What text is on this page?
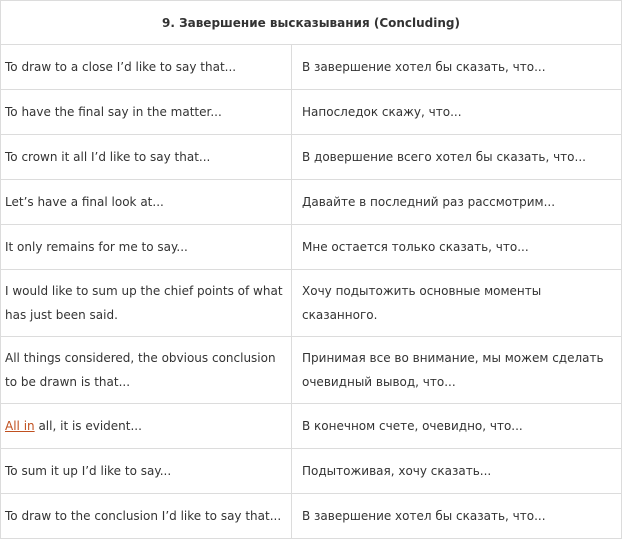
9. Завершение высказывания (Concluding)	
To draw to a close I’d like to say that...	В завершение хотел бы сказать, что...
To have the final say in the matter...	Напоследок скажу, что...
To crown it all I’d like to say that...	В довершение всего хотел бы сказать, что...
Let’s have a final look at...	Давайте в последний раз рассмотрим...
It only remains for me to say...	Мне остается только сказать, что...
I would like to sum up the chief points of what has just been said.	Хочу подытожить основные моменты сказанного.
All things considered, the obvious conclusion to be drawn is that...	Принимая все во внимание, мы можем сделать очевидный вывод, что...
All in all, it is evident...	В конечном счете, очевидно, что...
To sum it up I’d like to say...	Подытоживая, хочу сказать...
To draw to the conclusion I’d like to say that...	В завершение хотел бы сказать, что...
